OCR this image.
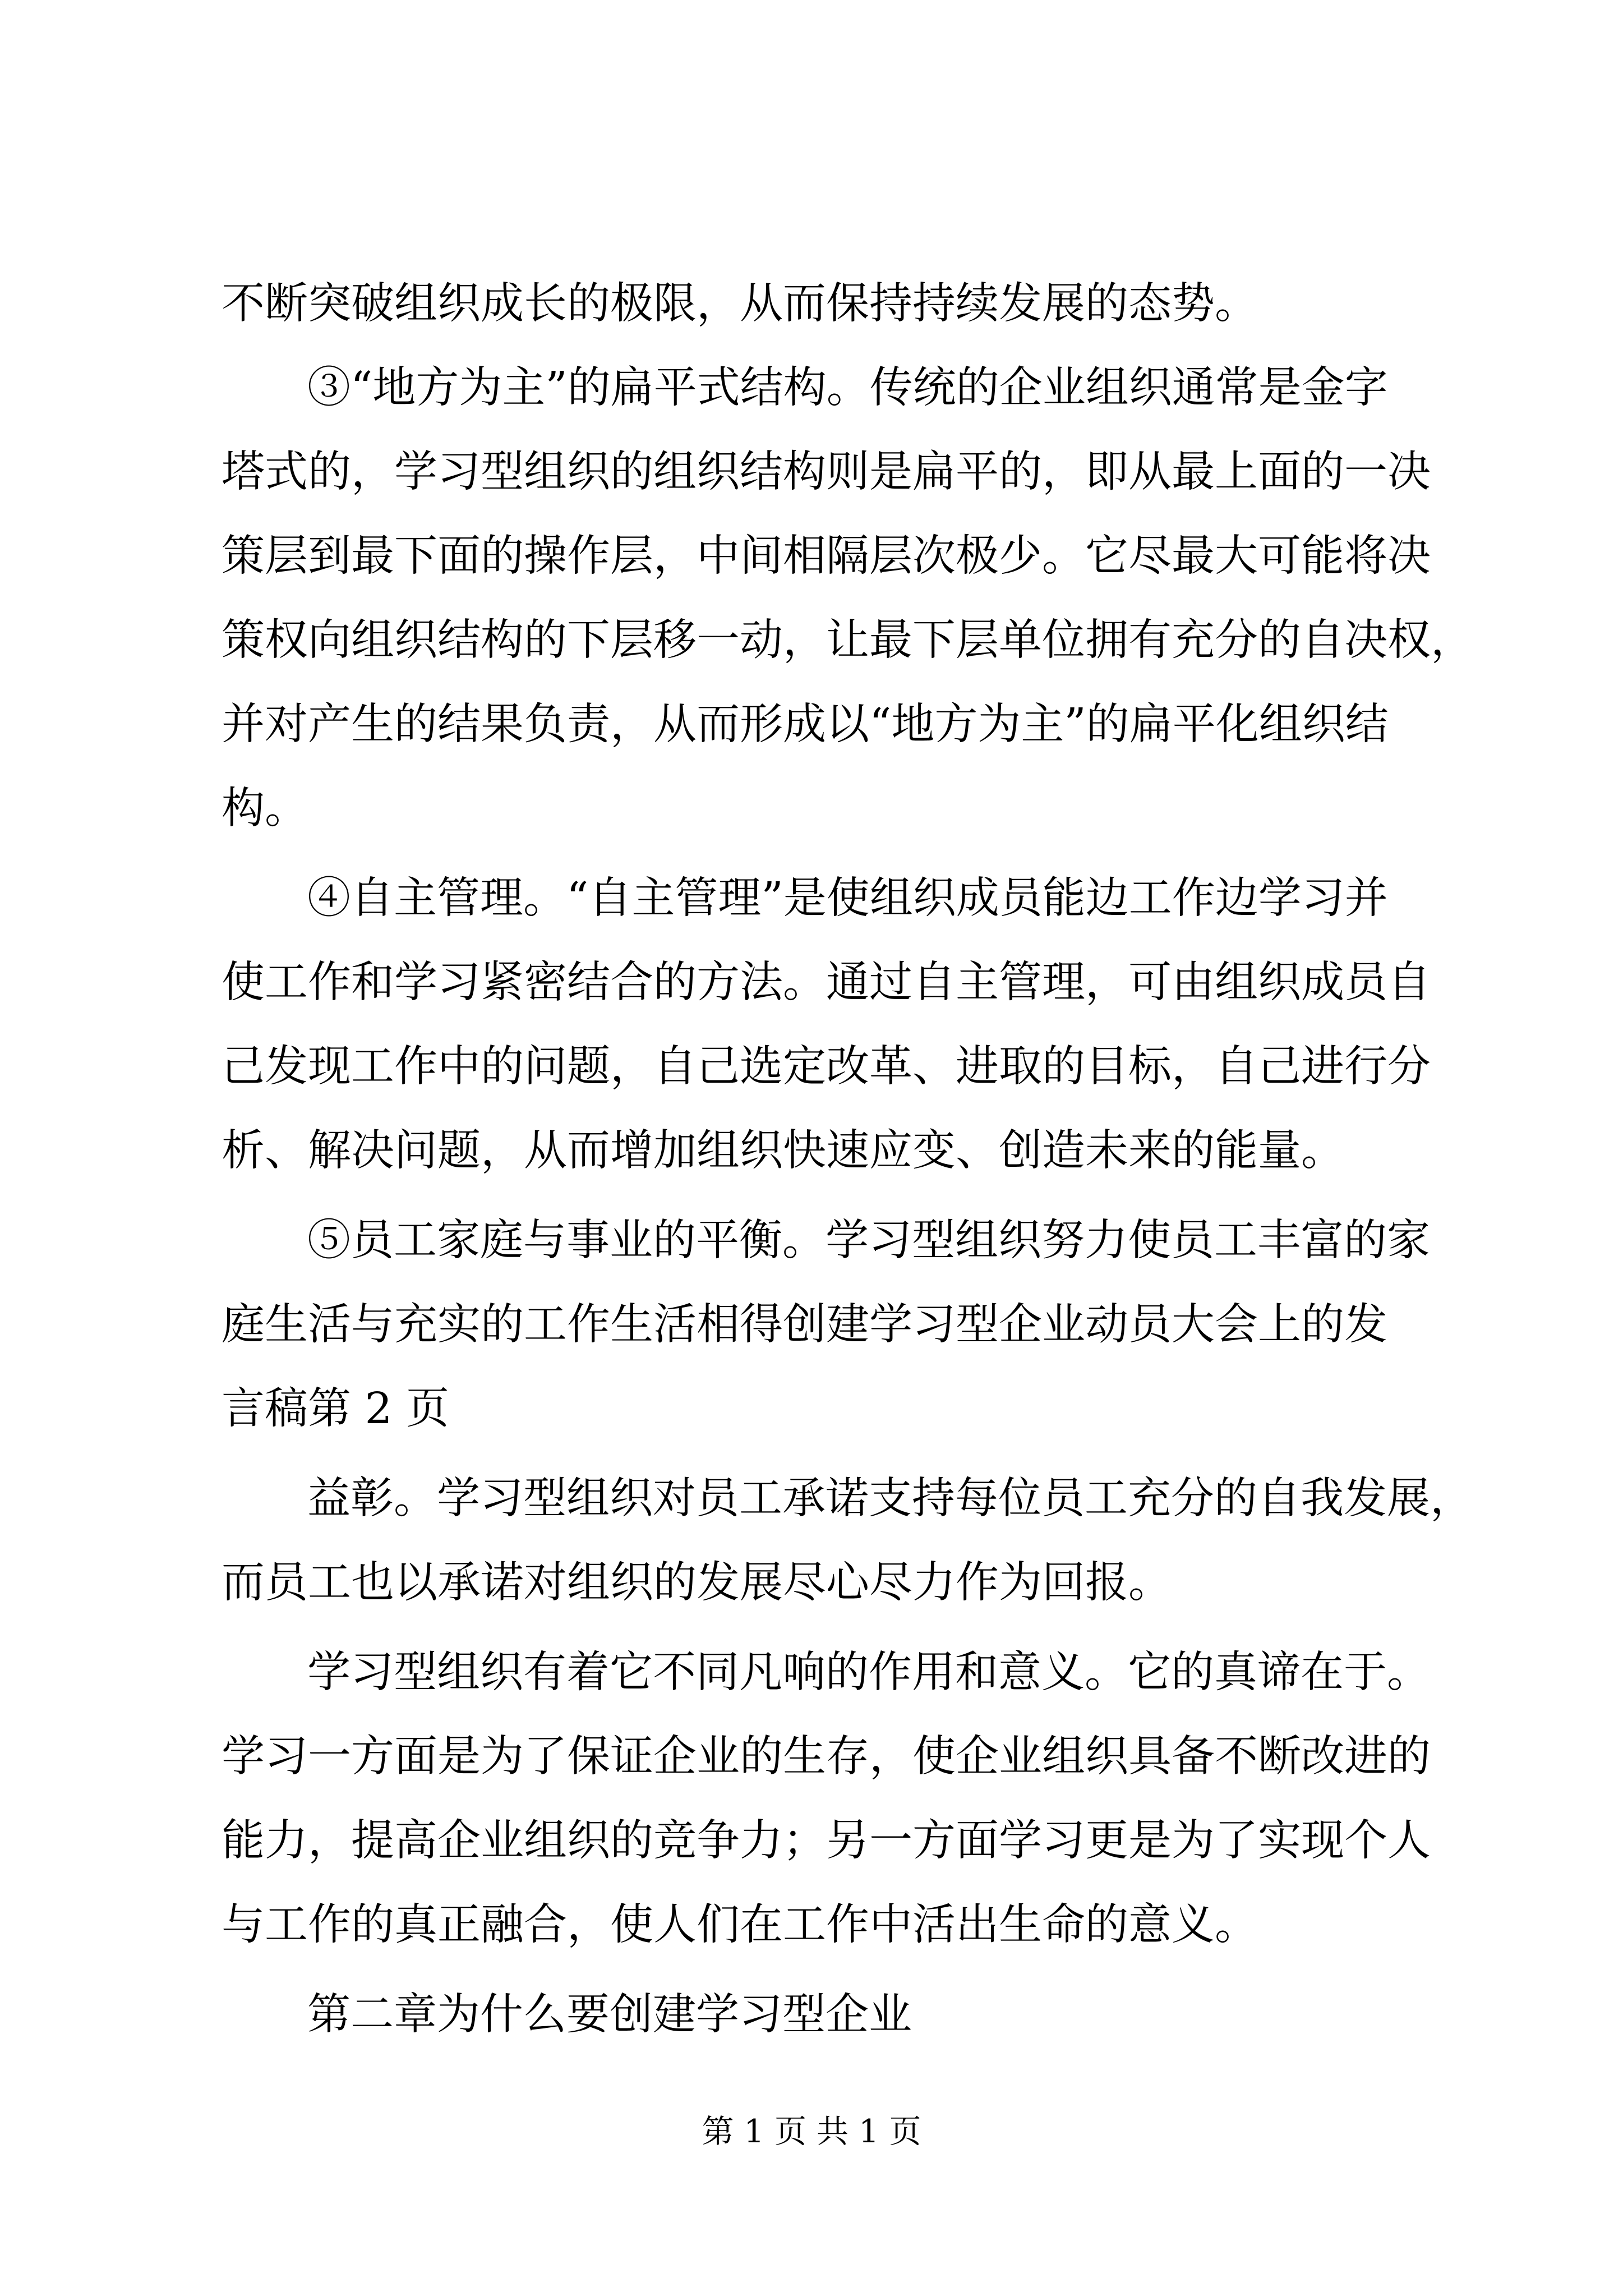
不断突破组织成长的极限，从而保持持续发展的态势。
③“地方为主”的扁平式结构。传统的企业组织通常是金字
塔式的，学习型组织的组织结构则是扁平的，即从最上面的一决
策层到最下面的操作层，中间相隔层次极少。它尽最大可能将决
策权向组织结构的下层移一动，让最下层单位拥有充分的自决权，
并对产生的结果负责，从而形成以“地方为主”的扁平化组织结
构。
④自主管理。“自主管理”是使组织成员能边工作边学习并
使工作和学习紧密结合的方法。通过自主管理，可由组织成员自
己发现工作中的问题，自己选定改革、进取的目标，自己进行分
析、解决问题，从而增加组织快速应变、创造未来的能量。
⑤员工家庭与事业的平衡。学习型组织努力使员工丰富的家
庭生活与充实的工作生活相得创建学习型企业动员大会上的发
言稿第 2 页
益彰。学习型组织对员工承诺支持每位员工充分的自我发展，
而员工也以承诺对组织的发展尽心尽力作为回报。
学习型组织有着它不同凡响的作用和意义。它的真谛在于。
学习一方面是为了保证企业的生存，使企业组织具备不断改进的
能力，提高企业组织的竞争力；另一方面学习更是为了实现个人
与工作的真正融合，使人们在工作中活出生命的意义。
第二章为什么要创建学习型企业
第 1 页 共 1 页
